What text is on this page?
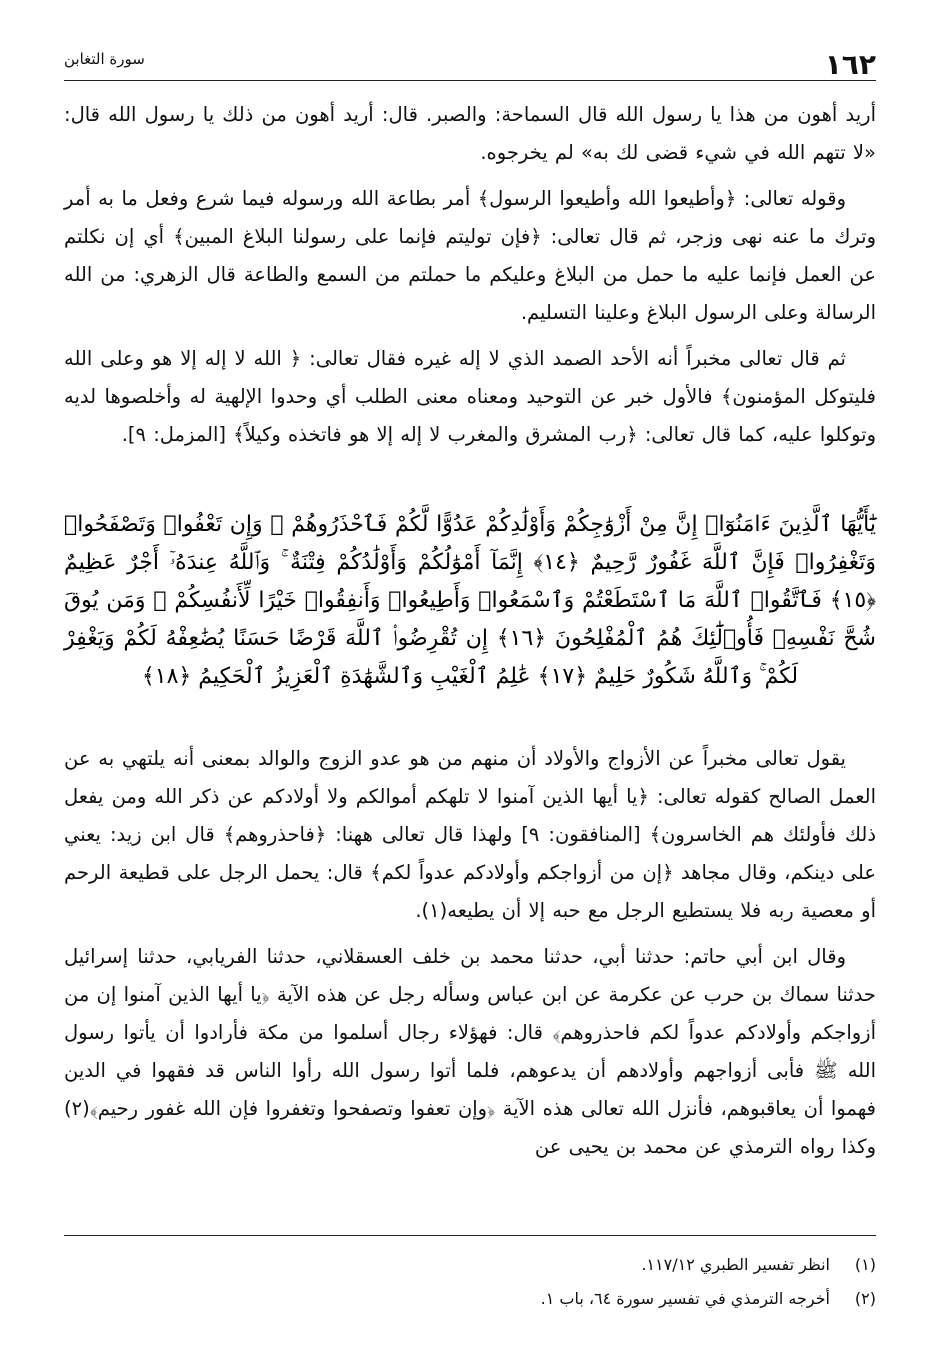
١٦٢
سورة التغابن

أريد أهون من هذا يا رسول الله قال السماحة: والصبر. قال: أريد أهون من ذلك يا رسول الله قال: «لا تتهم الله في شيء قضى لك به» لم يخرجوه.

وقوله تعالى: ﴿وأطيعوا الله وأطيعوا الرسول﴾ أمر بطاعة الله ورسوله فيما شرع وفعل ما به أمر وترك ما عنه نهى وزجر، ثم قال تعالى: ﴿فإن توليتم فإنما على رسولنا البلاغ المبين﴾ أي إن نكلتم عن العمل فإنما عليه ما حمل من البلاغ وعليكم ما حملتم من السمع والطاعة قال الزهري: من الله الرسالة وعلى الرسول البلاغ وعلينا التسليم.

ثم قال تعالى مخبراً أنه الأحد الصمد الذي لا إله غيره فقال تعالى: ﴿ الله لا إله إلا هو وعلى الله فليتوكل المؤمنون﴾ فالأول خبر عن التوحيد ومعناه معنى الطلب أي وحدوا الإلهية له وأخلصوها لديه وتوكلوا عليه، كما قال تعالى: ﴿رب المشرق والمغرب لا إله إلا هو فاتخذه وكيلاً﴾ [المزمل: ٩].

يَٰٓأَيُّهَا ٱلَّذِينَ ءَامَنُوٓا۟ إِنَّ مِنْ أَزْوَٰجِكُمْ وَأَوْلَٰدِكُمْ عَدُوًّا لَّكُمْ فَٱحْذَرُوهُمْ ۚ وَإِن تَعْفُوا۟ وَتَصْفَحُوا۟ وَتَغْفِرُوا۟ فَإِنَّ ٱللَّهَ غَفُورٌ رَّحِيمٌ ﴿١٤﴾ إِنَّمَآ أَمْوَٰلُكُمْ وَأَوْلَٰدُكُمْ فِتْنَةٌ ۚ وَٱللَّهُ عِندَهُۥٓ أَجْرٌ عَظِيمٌ ﴿١٥﴾ فَٱتَّقُوا۟ ٱللَّهَ مَا ٱسْتَطَعْتُمْ وَٱسْمَعُوا۟ وَأَطِيعُوا۟ وَأَنفِقُوا۟ خَيْرًا لِّأَنفُسِكُمْ ۗ وَمَن يُوقَ شُحَّ نَفْسِهِۦ فَأُو۟لَٰٓئِكَ هُمُ ٱلْمُفْلِحُونَ ﴿١٦﴾ إِن تُقْرِضُوا۟ ٱللَّهَ قَرْضًا حَسَنًا يُضَٰعِفْهُ لَكُمْ وَيَغْفِرْ لَكُمْ ۚ وَٱللَّهُ شَكُورٌ حَلِيمٌ ﴿١٧﴾ عَٰلِمُ ٱلْغَيْبِ وَٱلشَّهَٰدَةِ ٱلْعَزِيزُ ٱلْحَكِيمُ ﴿١٨﴾

يقول تعالى مخبراً عن الأزواج والأولاد أن منهم من هو عدو الزوج والوالد بمعنى أنه يلتهي به عن العمل الصالح كقوله تعالى: ﴿يا أيها الذين آمنوا لا تلهكم أموالكم ولا أولادكم عن ذكر الله ومن يفعل ذلك فأولئك هم الخاسرون﴾ [المنافقون: ٩] ولهذا قال تعالى ههنا: ﴿فاحذروهم﴾ قال ابن زيد: يعني على دينكم، وقال مجاهد ﴿إن من أزواجكم وأولادكم عدواً لكم﴾ قال: يحمل الرجل على قطيعة الرحم أو معصية ربه فلا يستطيع الرجل مع حبه إلا أن يطيعه(١).

وقال ابن أبي حاتم: حدثنا أبي، حدثنا محمد بن خلف العسقلاني، حدثنا الفريابي، حدثنا إسرائيل حدثنا سماك بن حرب عن عكرمة عن ابن عباس وسأله رجل عن هذه الآية ﴿يا أيها الذين آمنوا إن من أزواجكم وأولادكم عدواً لكم فاحذروهم﴾ قال: فهؤلاء رجال أسلموا من مكة فأرادوا أن يأتوا رسول الله ﷺ فأبى أزواجهم وأولادهم أن يدعوهم، فلما أتوا رسول الله رأوا الناس قد فقهوا في الدين فهموا أن يعاقبوهم، فأنزل الله تعالى هذه الآية ﴿وإن تعفوا وتصفحوا وتغفروا فإن الله غفور رحيم﴾(٢) وكذا رواه الترمذي عن محمد بن يحيى عن

(١)
انظر تفسير الطبري ١١٧/١٢.
(٢)
أخرجه الترمذي في تفسير سورة ٦٤، باب ١.
